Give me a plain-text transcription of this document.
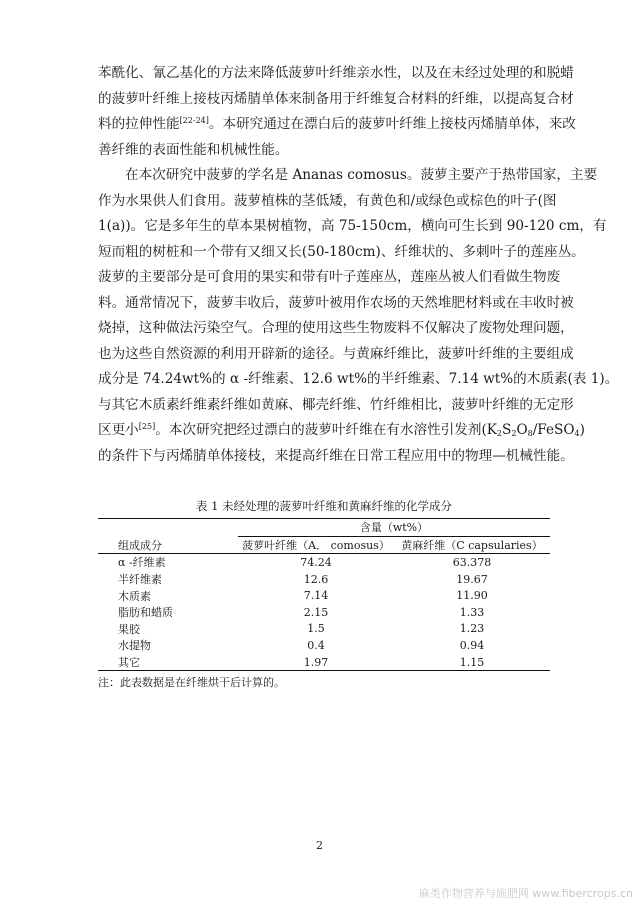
苯酰化、氰乙基化的方法来降低菠萝叶纤维亲水性，以及在未经过处理的和脱蜡
的菠萝叶纤维上接枝丙烯腈单体来制备用于纤维复合材料的纤维，以提高复合材
料的拉伸性能[22-24]。本研究通过在漂白后的菠萝叶纤维上接枝丙烯腈单体，来改
善纤维的表面性能和机械性能。
在本次研究中菠萝的学名是 Ananas comosus。菠萝主要产于热带国家，主要
作为水果供人们食用。菠萝植株的茎低矮，有黄色和/或绿色或棕色的叶子(图
1(a))。它是多年生的草本果树植物，高 75-150cm，横向可生长到 90-120 cm，有
短而粗的树桩和一个带有又细又长(50-180cm)、纤维状的、多刺叶子的莲座丛。
菠萝的主要部分是可食用的果实和带有叶子莲座丛，莲座丛被人们看做生物废
料。通常情况下，菠萝丰收后，菠萝叶被用作农场的天然堆肥材料或在丰收时被
烧掉，这种做法污染空气。合理的使用这些生物废料不仅解决了废物处理问题，
也为这些自然资源的利用开辟新的途径。与黄麻纤维比，菠萝叶纤维的主要组成
成分是 74.24wt%的 α -纤维素、12.6 wt%的半纤维素、7.14 wt%的木质素(表 1)。
与其它木质素纤维素纤维如黄麻、椰壳纤维、竹纤维相比，菠萝叶纤维的无定形
区更小[25]。本次研究把经过漂白的菠萝叶纤维在有水溶性引发剂$(K_2S_2O_8/FeSO_4)$
的条件下与丙烯腈单体接枝，来提高纤维在日常工程应用中的物理—机械性能。
表 1 未经处理的菠萝叶纤维和黄麻纤维的化学成分
	含量（wt%）	
组成成分	菠萝叶纤维（A． comosus）	黄麻纤维（C capsularies）
α -纤维素	74.24	63.378
半纤维素	12.6	19.67
木质素	7.14	11.90
脂肪和蜡质	2.15	1.33
果胶	1.5	1.23
水提物	0.4	0.94
其它	1.97	1.15
注：此表数据是在纤维烘干后计算的。
2
麻类作物营养与施肥网 www.fibercrops.cn
